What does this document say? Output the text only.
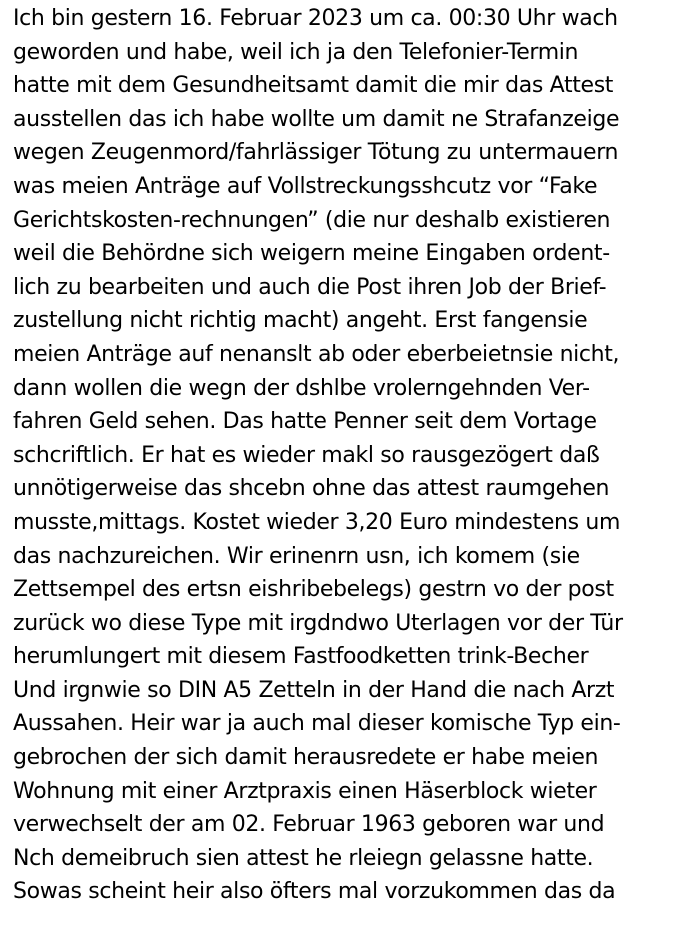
Ich bin gestern 16. Februar 2023 um ca. 00:30 Uhr wach
geworden und habe, weil ich ja den Telefonier-Termin
hatte mit dem Gesundheitsamt damit die mir das Attest
ausstellen das ich habe wollte um damit ne Strafanzeige
wegen Zeugenmord/fahrlässiger Tötung zu untermauern
was meien Anträge auf Vollstreckungsshcutz vor “Fake
Gerichtskosten-rechnungen” (die nur deshalb existieren
weil die Behördne sich weigern meine Eingaben ordent-
lich zu bearbeiten und auch die Post ihren Job der Brief-
zustellung nicht richtig macht) angeht. Erst fangensie
meien Anträge auf nenanslt ab oder eberbeietnsie nicht,
dann wollen die wegn der dshlbe vrolerngehnden Ver-
fahren Geld sehen. Das hatte Penner seit dem Vortage
schcriftlich. Er hat es wieder makl so rausgezögert daß
unnötigerweise das shcebn ohne das attest raumgehen
musste,mittags. Kostet wieder 3,20 Euro mindestens um
das nachzureichen. Wir erinenrn usn, ich komem (sie
Zettsempel des ertsn eishribebelegs) gestrn vo der post
zurück wo diese Type mit irgdndwo Uterlagen vor der Tür
herumlungert mit diesem Fastfoodketten trink-Becher
Und irgnwie so DIN A5 Zetteln in der Hand die nach Arzt
Aussahen. Heir war ja auch mal dieser komische Typ ein-
gebrochen der sich damit herausredete er habe meien
Wohnung mit einer Arztpraxis einen Häserblock wieter
verwechselt der am 02. Februar 1963 geboren war und
Nch demeibruch sien attest he rleiegn gelassne hatte.
Sowas scheint heir also öfters mal vorzukommen das da
